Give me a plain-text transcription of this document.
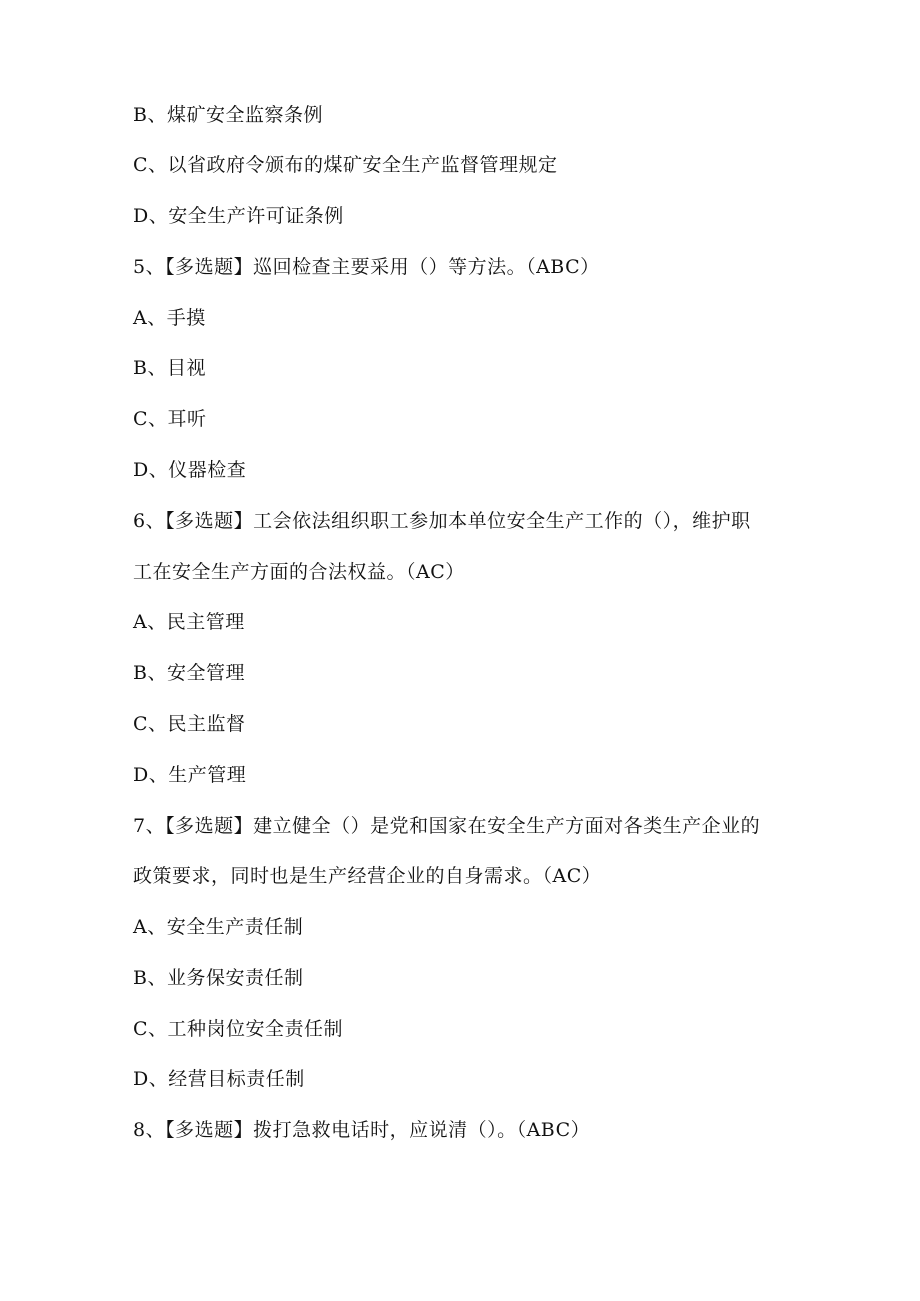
B、煤矿安全监察条例
C、以省政府令颁布的煤矿安全生产监督管理规定
D、安全生产许可证条例
5、【多选题】巡回检查主要采用（）等方法。（ABC）
A、手摸
B、目视
C、耳听
D、仪器检查
6、【多选题】工会依法组织职工参加本单位安全生产工作的（），维护职
工在安全生产方面的合法权益。（AC）
A、民主管理
B、安全管理
C、民主监督
D、生产管理
7、【多选题】建立健全（）是党和国家在安全生产方面对各类生产企业的
政策要求，同时也是生产经营企业的自身需求。（AC）
A、安全生产责任制
B、业务保安责任制
C、工种岗位安全责任制
D、经营目标责任制
8、【多选题】拨打急救电话时，应说清（）。（ABC）
